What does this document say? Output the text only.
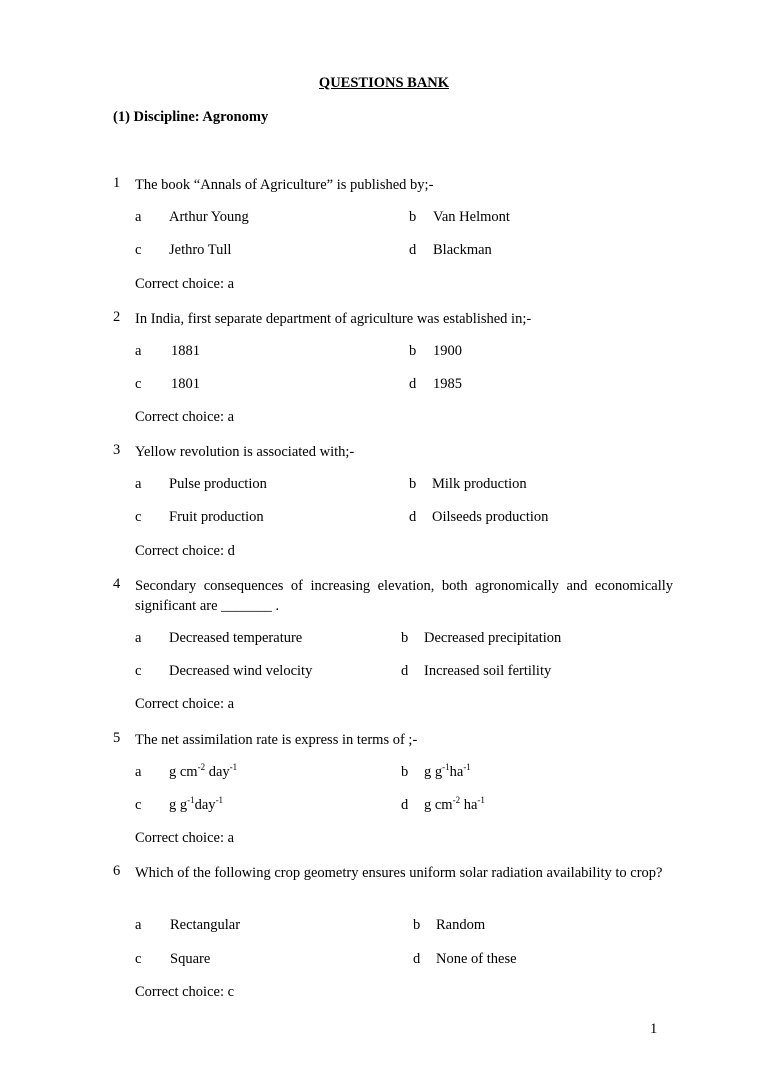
QUESTIONS BANK
(1) Discipline: Agronomy
1 The book “Annals of Agriculture” is published by;-
a Arthur Young	b Van Helmont
c Jethro Tull	d Blackman
Correct choice: a
2 In India, first separate department of agriculture was established in;-
a 1881	b 1900
c 1801	d 1985
Correct choice: a
3 Yellow revolution is associated with;-
a Pulse production	b Milk production
c Fruit production	d Oilseeds production
Correct choice: d
4 Secondary consequences of increasing elevation, both agronomically and economically significant are _______ .
a Decreased temperature	b Decreased precipitation
c Decreased wind velocity	d Increased soil fertility
Correct choice: a
5 The net assimilation rate is express in terms of ;-
a g $cm^{-2}$ day$^{-1}$	b g $g^{-1}ha^{-1}$
c g $g^{-1}day^{-1}$	d g $cm^{-2}$ $ha^{-1}$
Correct choice: a
6 Which of the following crop geometry ensures uniform solar radiation availability to crop?
a Rectangular	b Random
c Square	d None of these
Correct choice: c
1
